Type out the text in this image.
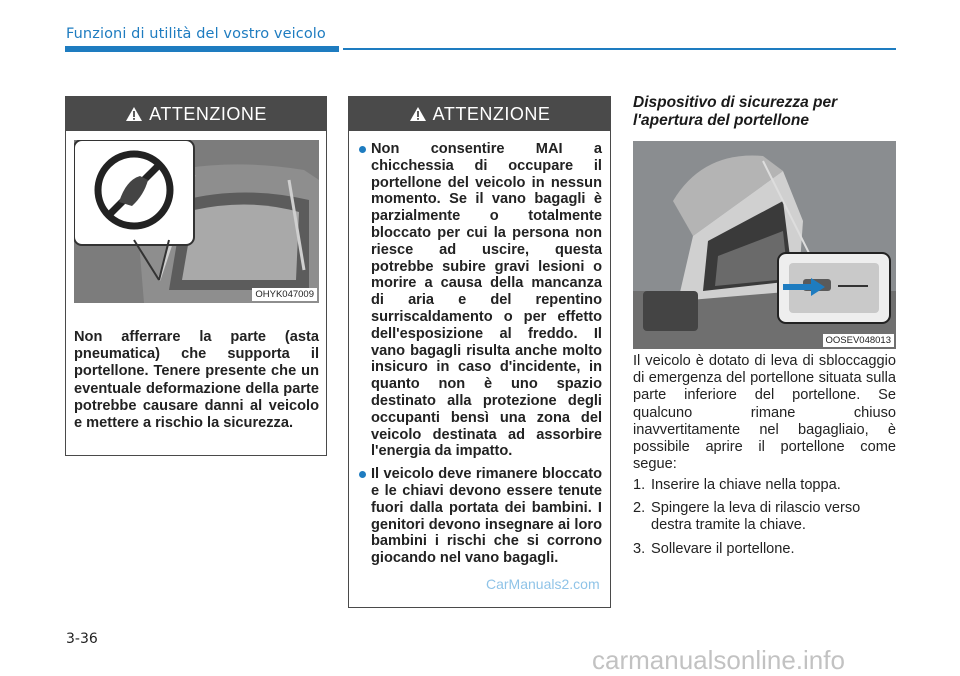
Funzioni di utilità del vostro veicolo
ATTENZIONE
OHYK047009
Non afferrare la parte (asta pneumatica) che supporta il portellone. Tenere presente che un eventuale deformazione della parte potrebbe causare danni al veicolo e mettere a rischio la sicurezza.
ATTENZIONE
Non consentire MAI a chicchessia di occupare il portellone del veicolo in nessun momento. Se il vano bagagli è parzialmente o totalmente bloccato per cui la persona non riesce ad uscire, questa potrebbe subire gravi lesioni o morire a causa della mancanza di aria e del repentino surriscaldamento o per effetto dell'esposizione al freddo. Il vano bagagli risulta anche molto insicuro in caso d'incidente, in quanto non è uno spazio destinato alla protezione degli occupanti bensì una zona del veicolo destinata ad assorbire l'energia da impatto.
Il veicolo deve rimanere bloccato e le chiavi devono essere tenute fuori dalla portata dei bambini. I genitori devono insegnare ai loro bambini i rischi che si corrono giocando nel vano bagagli.
Dispositivo di sicurezza per l'apertura del portellone
OOSEV048013
Il veicolo è dotato di leva di sbloccaggio di emergenza del portellone situata sulla parte inferiore del portellone. Se qualcuno rimane chiuso inavvertitamente nel bagagliaio, è possibile aprire il portellone come segue:
1. Inserire la chiave nella toppa.
2. Spingere la leva di rilascio verso destra tramite la chiave.
3. Sollevare il portellone.
3-36
CarManuals2.com
carmanualsonline.info
